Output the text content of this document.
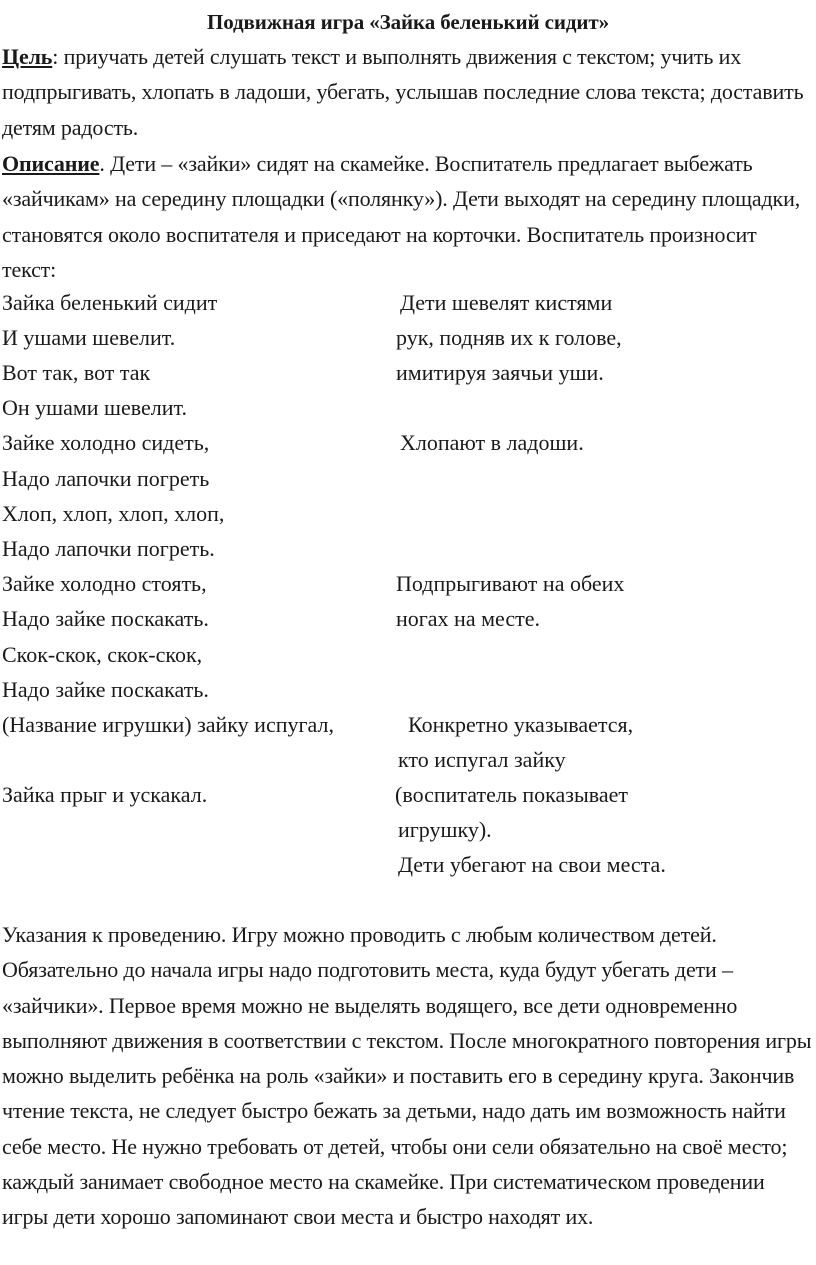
Подвижная игра «Зайка беленький сидит»
Цель: приучать детей слушать текст и выполнять движения с текстом; учить их подпрыгивать, хлопать в ладоши, убегать, услышав последние слова текста; доставить детям радость.
Описание. Дети – «зайки» сидят на скамейке. Воспитатель предлагает выбежать «зайчикам» на середину площадки («полянку»). Дети выходят на середину площадки, становятся около воспитателя и приседают на корточки. Воспитатель произносит текст:
Зайка беленький сидит
И ушами шевелит.
Вот так, вот так
Он ушами шевелит.
Зайке холодно сидеть,
Надо лапочки погреть
Хлоп, хлоп, хлоп, хлоп,
Надо лапочки погреть.
Зайке холодно стоять,
Надо зайке поскакать.
Скок-скок, скок-скок,
Надо зайке поскакать.
(Название игрушки) зайку испугал,
Зайка прыг и ускакал.
Дети шевелят кистями
рук, подняв их к голове,
имитируя заячьи уши.
Хлопают в ладоши.
Подпрыгивают на обеих
ногах на месте.
Конкретно указывается,
кто испугал зайку
(воспитатель показывает
игрушку).
Дети убегают на свои места.
Указания к проведению. Игру можно проводить с любым количеством детей. Обязательно до начала игры надо подготовить места, куда будут убегать дети – «зайчики». Первое время можно не выделять водящего, все дети одновременно выполняют движения в соответствии с текстом. После многократного повторения игры можно выделить ребёнка на роль «зайки» и поставить его в середину круга. Закончив чтение текста, не следует быстро бежать за детьми, надо дать им возможность найти себе место. Не нужно требовать от детей, чтобы они сели обязательно на своё место; каждый занимает свободное место на скамейке. При систематическом проведении игры дети хорошо запоминают свои места и быстро находят их.
